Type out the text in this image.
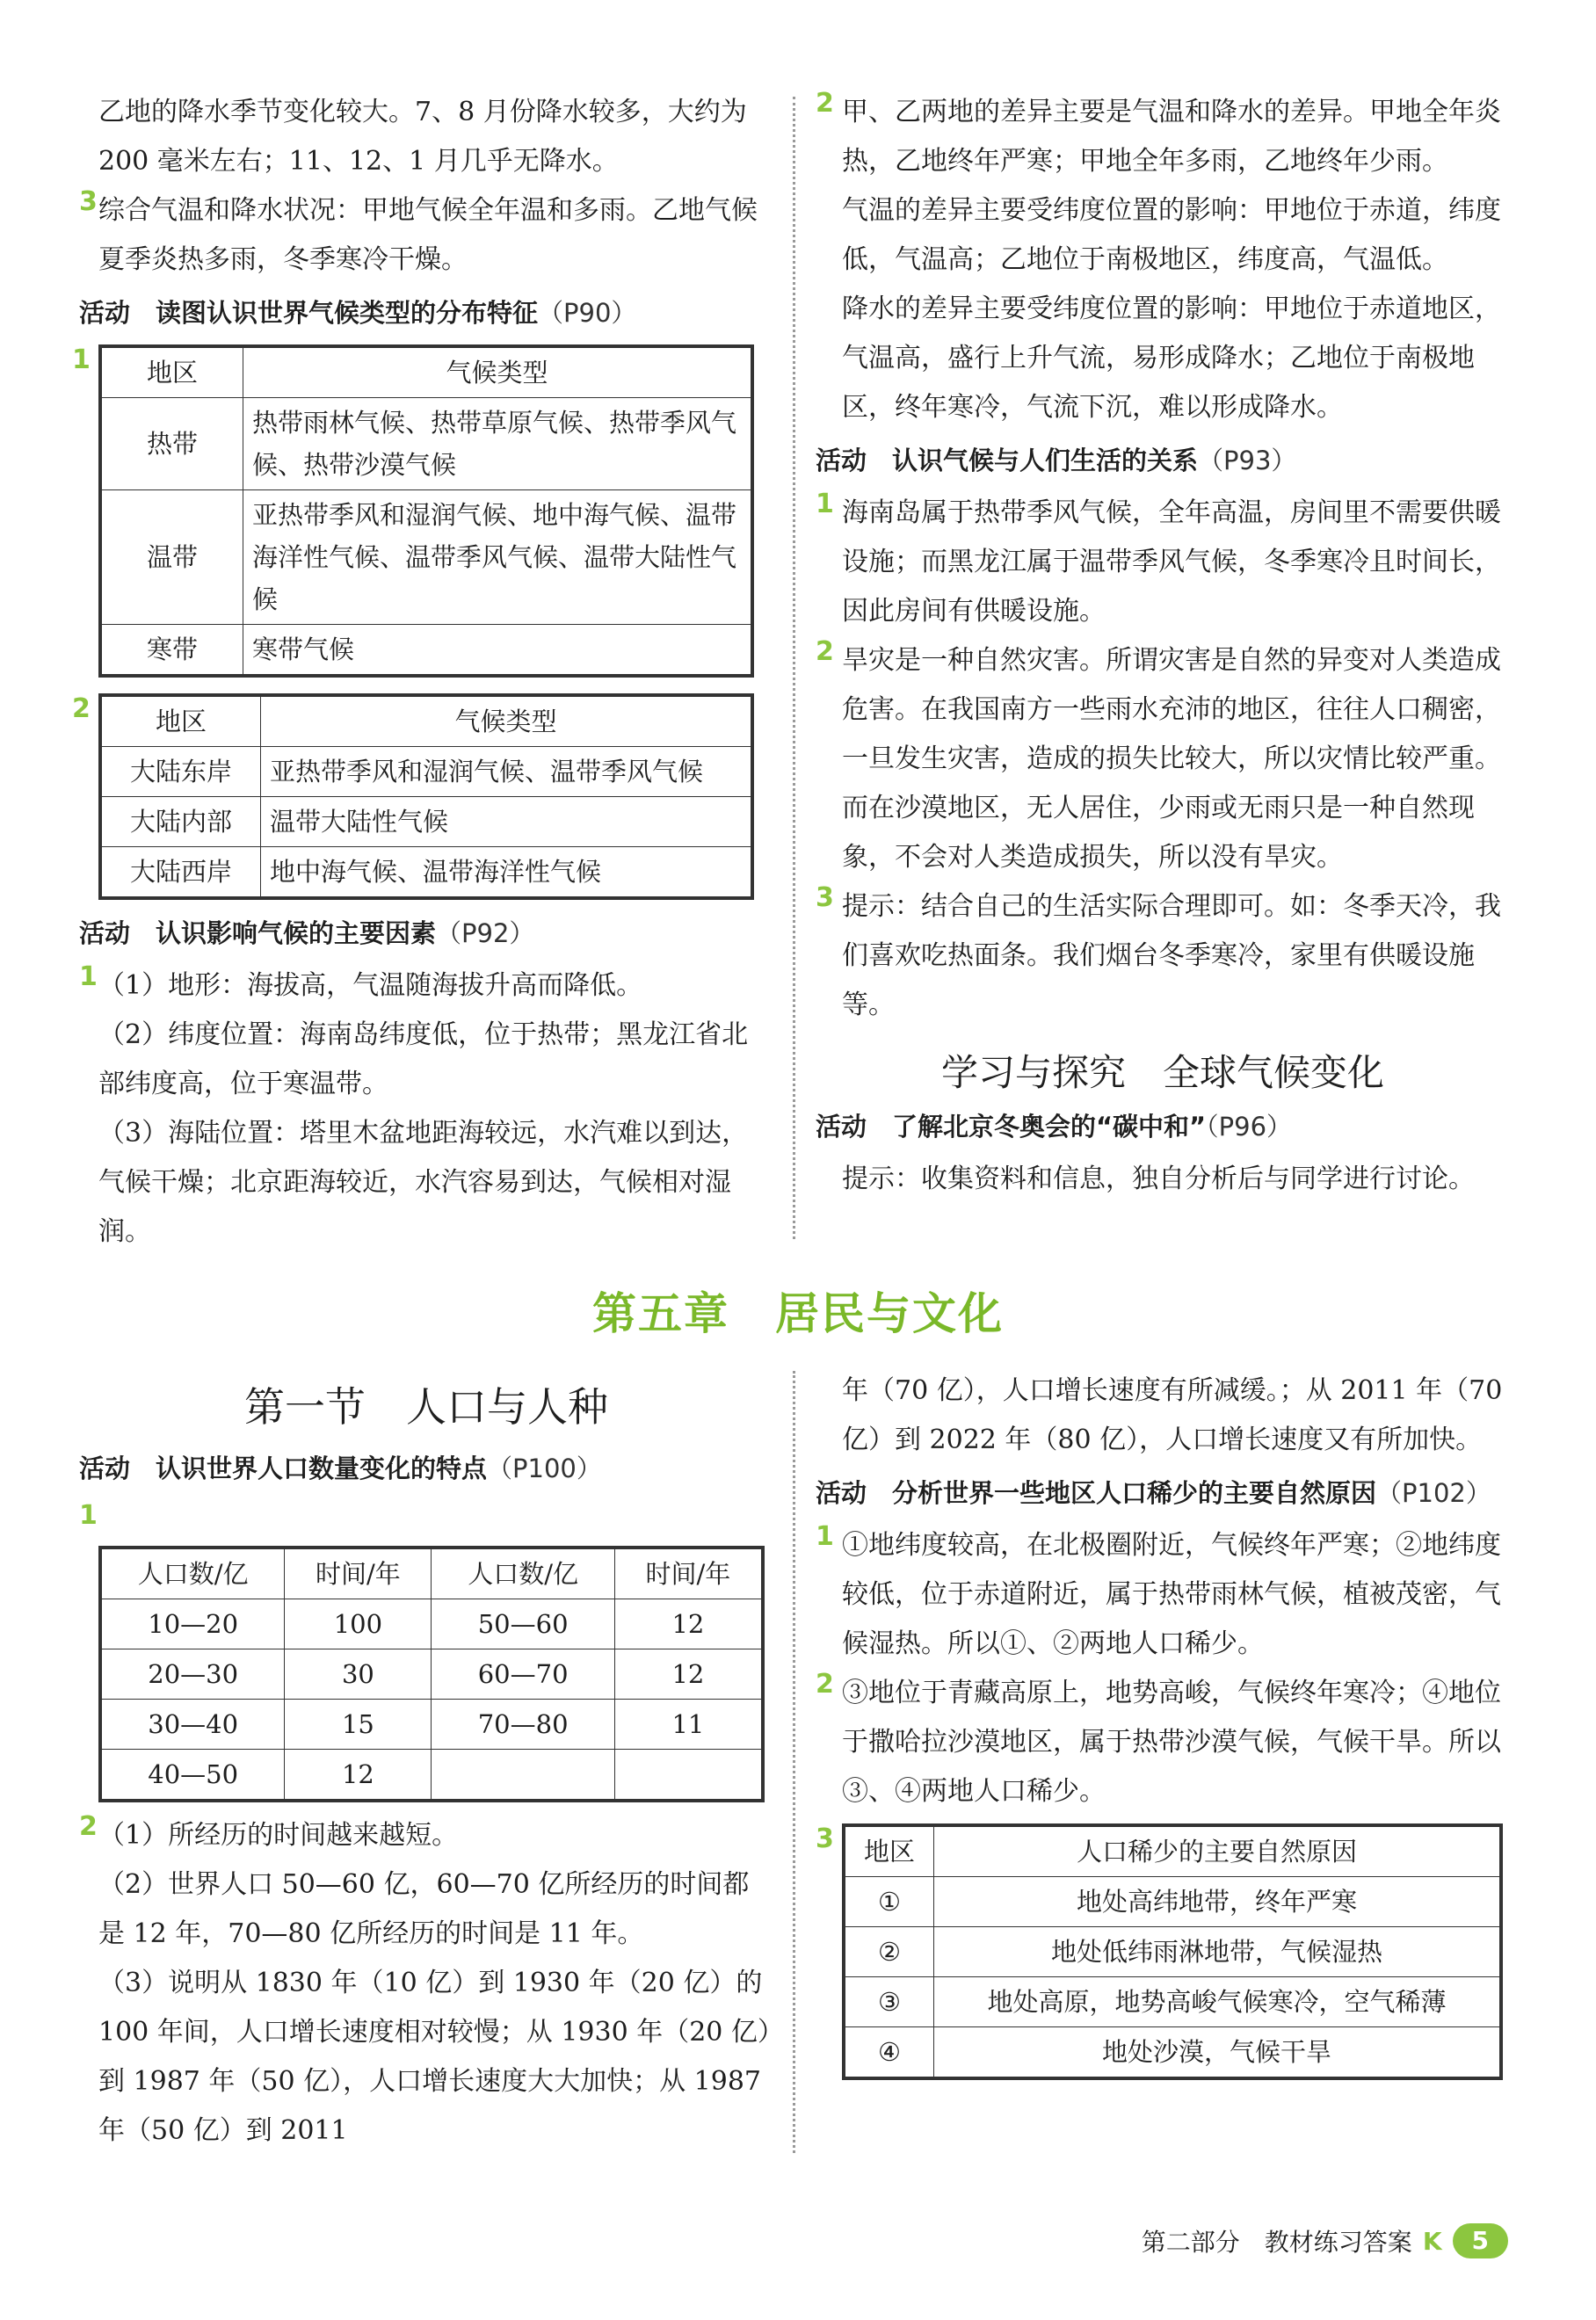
乙地的降水季节变化较大。7、8 月份降水较多，大约为 200 毫米左右；11、12、1 月几乎无降水。

3 综合气温和降水状况：甲地气候全年温和多雨。乙地气候夏季炎热多雨，冬季寒冷干燥。

活动　读图认识世界气候类型的分布特征（P90）
1 地区	气候类型
热带	热带雨林气候、热带草原气候、热带季风气候、热带沙漠气候
温带	亚热带季风和湿润气候、地中海气候、温带海洋性气候、温带季风气候、温带大陆性气候
寒带	寒带气候
2	地区	气候类型
大陆东岸	亚热带季风和湿润气候、温带季风气候
大陆内部	温带大陆性气候
大陆西岸	地中海气候、温带海洋性气候
活动　认识影响气候的主要因素（P92）
1 （1）地形：海拔高，气温随海拔升高而降低。

（2）纬度位置：海南岛纬度低，位于热带；黑龙江省北部纬度高，位于寒温带。

（3）海陆位置：塔里木盆地距海较远，水汽难以到达，气候干燥；北京距海较近，水汽容易到达，气候相对湿润。

2 甲、乙两地的差异主要是气温和降水的差异。甲地全年炎热，乙地终年严寒；甲地全年多雨，乙地终年少雨。

气温的差异主要受纬度位置的影响：甲地位于赤道，纬度低，气温高；乙地位于南极地区，纬度高，气温低。

降水的差异主要受纬度位置的影响：甲地位于赤道地区，气温高，盛行上升气流，易形成降水；乙地位于南极地区，终年寒冷，气流下沉，难以形成降水。

活动　认识气候与人们生活的关系（P93）
1 海南岛属于热带季风气候，全年高温，房间里不需要供暖设施；而黑龙江属于温带季风气候，冬季寒冷且时间长，因此房间有供暖设施。

2 旱灾是一种自然灾害。所谓灾害是自然的异变对人类造成危害。在我国南方一些雨水充沛的地区，往往人口稠密，一旦发生灾害，造成的损失比较大，所以灾情比较严重。而在沙漠地区，无人居住，少雨或无雨只是一种自然现象，不会对人类造成损失，所以没有旱灾。

3 提示：结合自己的生活实际合理即可。如：冬季天冷，我们喜欢吃热面条。我们烟台冬季寒冷，家里有供暖设施等。

学习与探究　全球气候变化
活动　了解北京冬奥会的“碳中和”（P96）

提示：收集资料和信息，独自分析后与同学进行讨论。

第五章　居民与文化
第一节　人口与人种
活动　认识世界人口数量变化的特点（P100）
1
人口数/亿	时间/年	人口数/亿	时间/年
10—20	100	50—60	12
20—30	30	60—70	12
30—40	15	70—80	11
40—50	12		
2 （1）所经历的时间越来越短。

（2）世界人口 50—60 亿，60—70 亿所经历的时间都是 12 年，70—80 亿所经历的时间是 11 年。

（3）说明从 1830 年（10 亿）到 1930 年（20 亿）的 100 年间，人口增长速度相对较慢；从 1930 年（20 亿）到 1987 年（50 亿），人口增长速度大大加快；从 1987 年（50 亿）到 2011

年（70 亿），人口增长速度有所减缓。；从 2011 年（70 亿）到 2022 年（80 亿），人口增长速度又有所加快。

活动　分析世界一些地区人口稀少的主要自然原因（P102）
1 ①地纬度较高，在北极圈附近，气候终年严寒；②地纬度较低，位于赤道附近，属于热带雨林气候，植被茂密，气候湿热。所以①、②两地人口稀少。

2 ③地位于青藏高原上，地势高峻，气候终年寒冷；④地位于撒哈拉沙漠地区，属于热带沙漠气候，气候干旱。所以③、④两地人口稀少。

3 地区	人口稀少的主要自然原因
①	地处高纬地带，终年严寒
②	地处低纬雨淋地带，气候湿热
③	地处高原，地势高峻气候寒冷，空气稀薄
④	地处沙漠，气候干旱
第二部分　教材练习答案 K	5
